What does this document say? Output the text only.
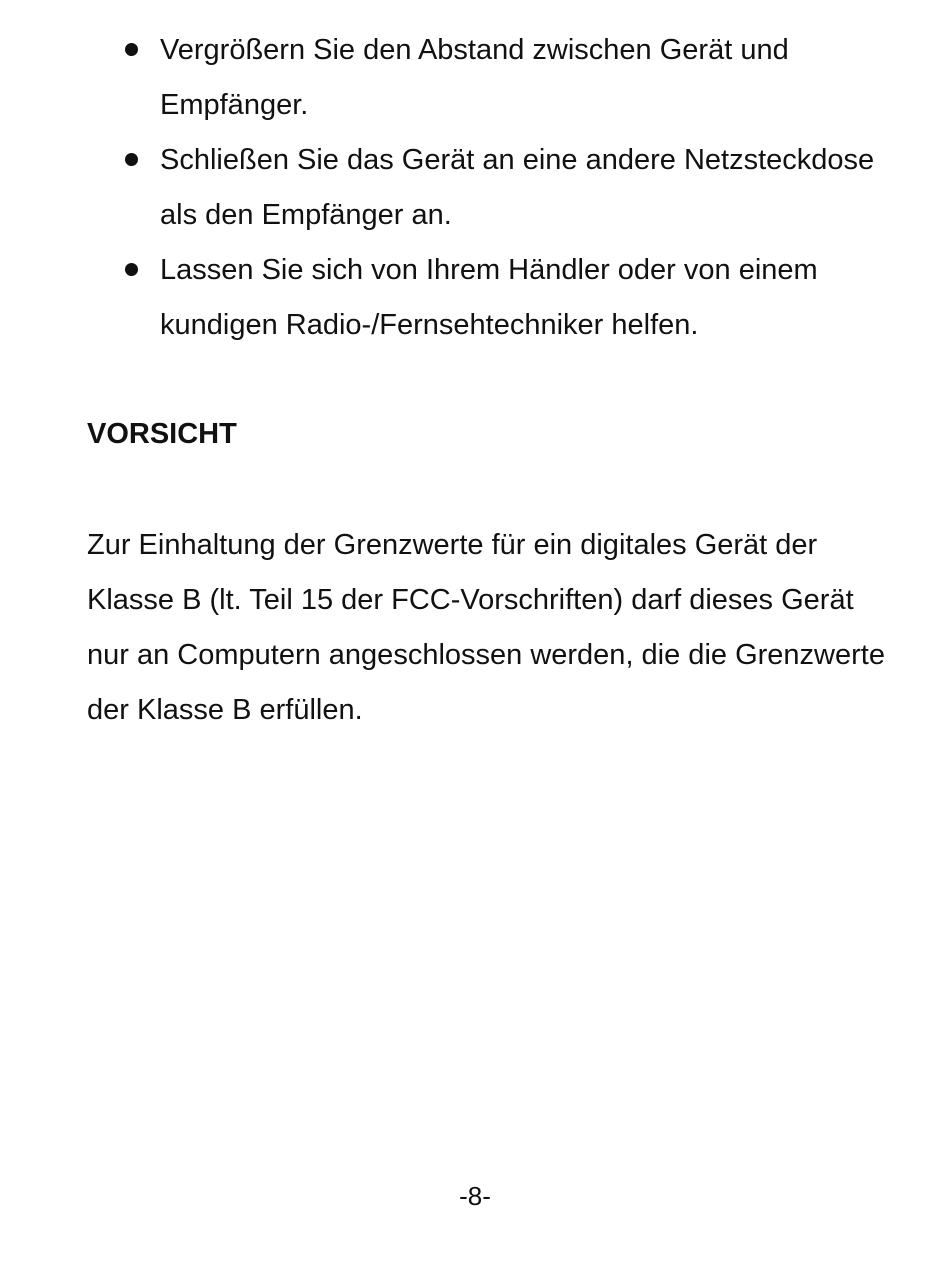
Vergrößern Sie den Abstand zwischen Gerät und Empfänger.
Schließen Sie das Gerät an eine andere Netzsteckdose als den Empfänger an.
Lassen Sie sich von Ihrem Händler oder von einem kundigen Radio-/Fernsehtechniker helfen.
VORSICHT

Zur Einhaltung der Grenzwerte für ein digitales Gerät der Klasse B (lt. Teil 15 der FCC-Vorschriften) darf dieses Gerät nur an Computern angeschlossen werden, die die Grenzwerte der Klasse B erfüllen.

-8-
